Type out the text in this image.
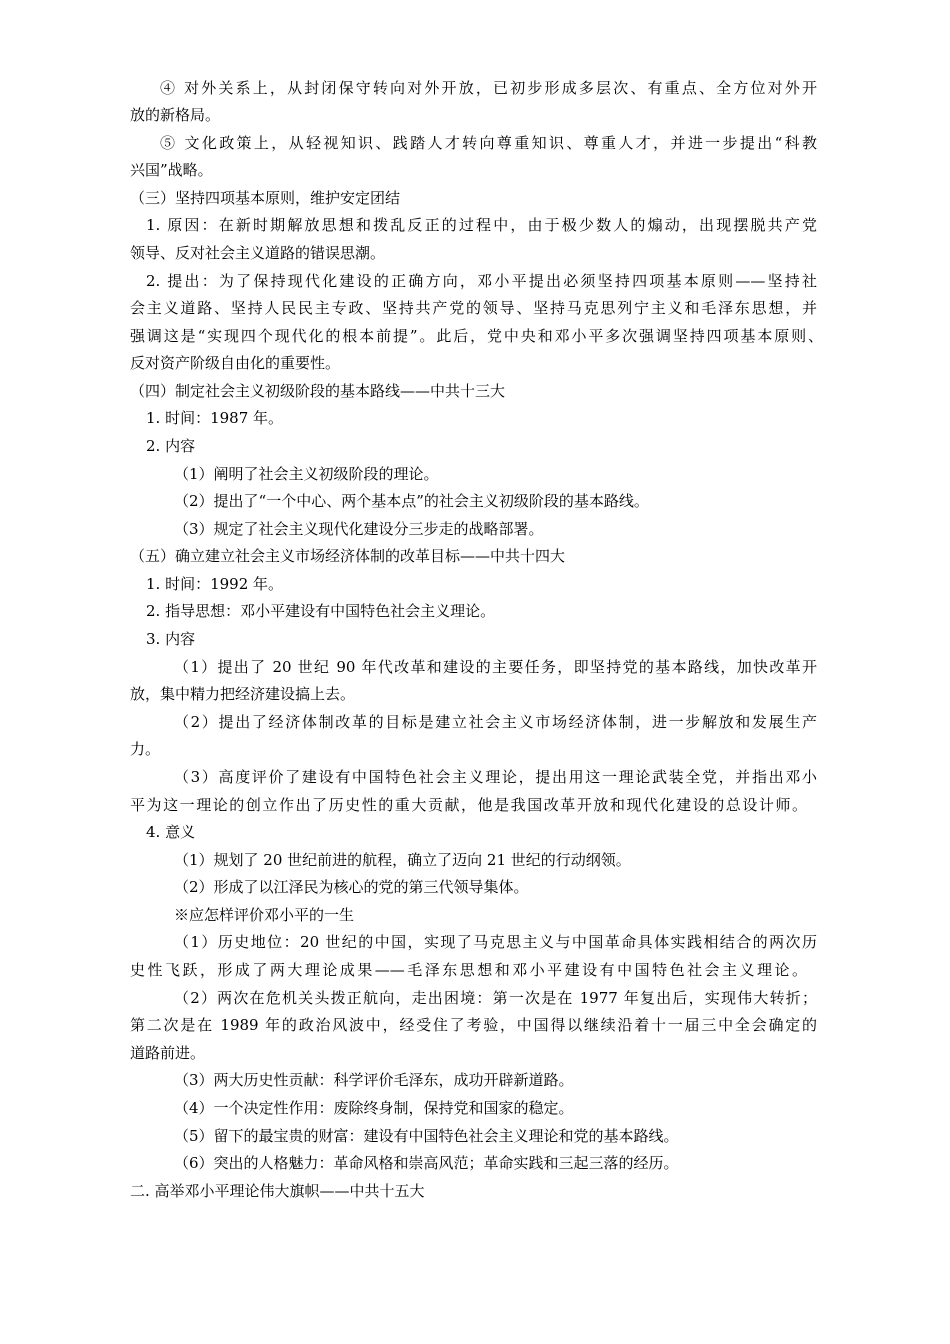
④ 对外关系上，从封闭保守转向对外开放，已初步形成多层次、有重点、全方位对外开
放的新格局。
⑤ 文化政策上，从轻视知识、践踏人才转向尊重知识、尊重人才，并进一步提出“科教
兴国”战略。
（三）坚持四项基本原则，维护安定团结
1. 原因：在新时期解放思想和拨乱反正的过程中，由于极少数人的煽动，出现摆脱共产党
领导、反对社会主义道路的错误思潮。
2. 提出：为了保持现代化建设的正确方向，邓小平提出必须坚持四项基本原则——坚持社
会主义道路、坚持人民民主专政、坚持共产党的领导、坚持马克思列宁主义和毛泽东思想，并
强调这是“实现四个现代化的根本前提”。此后，党中央和邓小平多次强调坚持四项基本原则、
反对资产阶级自由化的重要性。
（四）制定社会主义初级阶段的基本路线——中共十三大
1. 时间：1987 年。
2. 内容
（1）阐明了社会主义初级阶段的理论。
（2）提出了“一个中心、两个基本点”的社会主义初级阶段的基本路线。
（3）规定了社会主义现代化建设分三步走的战略部署。
（五）确立建立社会主义市场经济体制的改革目标——中共十四大
1. 时间：1992 年。
2. 指导思想：邓小平建设有中国特色社会主义理论。
3. 内容
（1）提出了 20 世纪 90 年代改革和建设的主要任务，即坚持党的基本路线，加快改革开
放，集中精力把经济建设搞上去。
（2）提出了经济体制改革的目标是建立社会主义市场经济体制，进一步解放和发展生产
力。
（3）高度评价了建设有中国特色社会主义理论，提出用这一理论武装全党，并指出邓小
平为这一理论的创立作出了历史性的重大贡献，他是我国改革开放和现代化建设的总设计师。
4. 意义
（1）规划了 20 世纪前进的航程，确立了迈向 21 世纪的行动纲领。
（2）形成了以江泽民为核心的党的第三代领导集体。
※应怎样评价邓小平的一生
（1）历史地位：20 世纪的中国，实现了马克思主义与中国革命具体实践相结合的两次历
史性飞跃，形成了两大理论成果——毛泽东思想和邓小平建设有中国特色社会主义理论。
（2）两次在危机关头拨正航向，走出困境：第一次是在 1977 年复出后，实现伟大转折；
第二次是在 1989 年的政治风波中，经受住了考验，中国得以继续沿着十一届三中全会确定的
道路前进。
（3）两大历史性贡献：科学评价毛泽东，成功开辟新道路。
（4）一个决定性作用：废除终身制，保持党和国家的稳定。
（5）留下的最宝贵的财富：建设有中国特色社会主义理论和党的基本路线。
（6）突出的人格魅力：革命风格和崇高风范；革命实践和三起三落的经历。
二. 高举邓小平理论伟大旗帜——中共十五大
